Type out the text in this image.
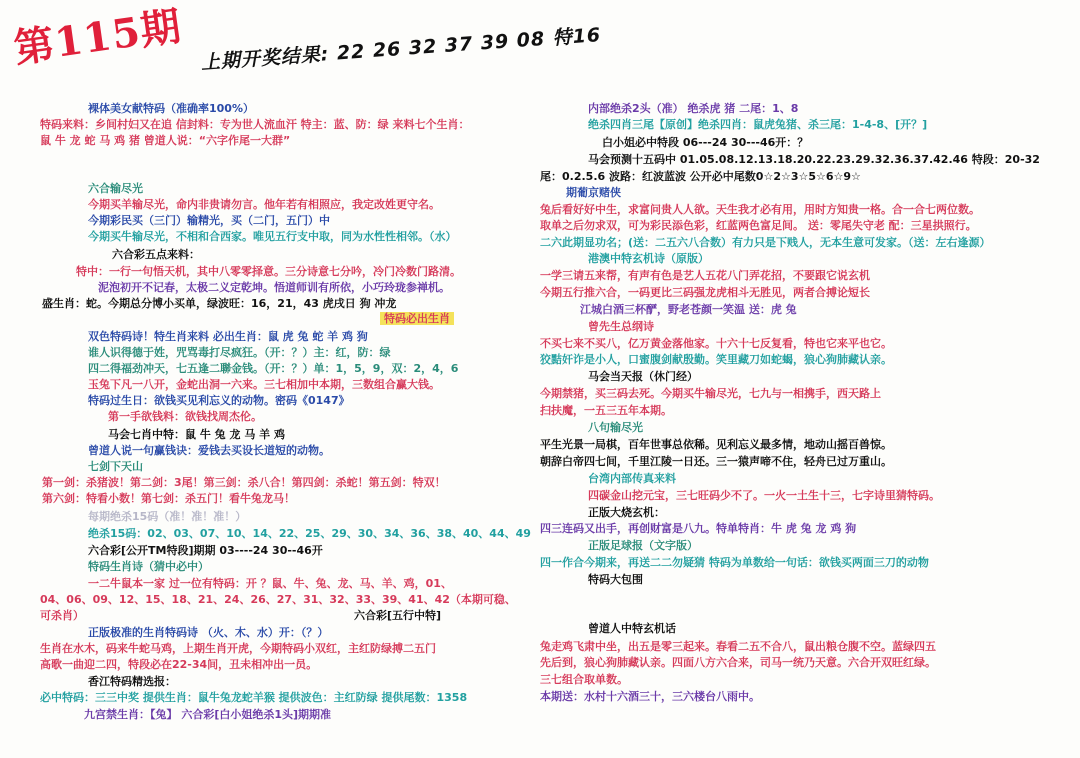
第115期 上期开奖结果: 22 26 32 37 39 08 特16
裸体美女献特码（准确率100%）
特码来料：乡间村妇又在追 信封料：专为世人流血汗 特主：蓝、防：绿 来料七个生肖：
鼠 牛 龙 蛇 马 鸡 猪 曾道人说：“六字作尾一大群”
六合输尽光
今期买羊输尽光，命内非贵请勿言。他年若有相照应，我定改姓更守名。
今期彩民买（三门）输精光，买（二门，五门）中
今期买牛输尽光，不相和合西家。唯见五行支中取，同为水性性相邻。（水）
六合彩五点来料：
特中：一行一句悟天机，其中八零零择意。三分诗意七分吟，冷门冷数门路清。
泥泡初开不记春，太极二义定乾坤。悟道师训有所依，小巧玲珑参禅机。
盛生肖：蛇。今期总分博小买单，绿波旺：16，21，43 虎戌日 狗 冲龙
特码必出生肖
双色特码诗！特生肖来料 必出生肖：鼠 虎 兔 蛇 羊 鸡 狗
谁人识得德于姓，咒骂毒打尽疯狂。（开：？）主：红，防：绿
四二得福劲冲天，七五逢二聯金钱。（开：？）单：1，5，9，双：2，4，6
玉兔下凡一八开，金蛇出洞一六来。三七相加中本期，三数组合赢大钱。
特码过生日：欲钱买见利忘义的动物。密码《0147》
第一手欲钱料：欲钱找周杰伦。
马会七肖中特：鼠 牛 兔 龙 马 羊 鸡
曾道人说一句赢钱诀：爱钱去买设长道短的动物。
七剑下天山
第一剑：杀猪波！第二剑：3尾！第三剑：杀八合！第四剑：杀蛇！第五剑：特双！
第六剑：特看小数！第七剑：杀五门！看牛兔龙马！
每期绝杀15码（准！准！准！）
绝杀15码：02、03、07、10、14、22、25、29、30、34、36、38、40、44、49
六合彩[公开TM特段]期期 03----24 30--46开
特码生肖诗（猜中必中）
一二牛鼠本一家 过一位有特码：开 ？鼠、牛、兔、龙、马、羊、鸡，01、
04、06、09、12、15、18、21、24、26、27、31、32、33、39、41、42（本期可稳、
可杀肖）	六合彩[五行中特]
正版极准的生肖特码诗 （火、木、水）开：（？）
生肖在水木，码来牛蛇马鸡，上期生肖开虎，今期特码小双红，主红防绿搏二五门
高歌一曲迎二四，特段必在22-34间，丑未相冲出一员。
香江特码精选报：
必中特码：三三中奖 提供生肖：鼠牛兔龙蛇羊猴 提供波色：主红防绿 提供尾数：1358
九宫禁生肖：【兔】 六合彩[白小姐绝杀1头]期期准
内部绝杀2头（准） 绝杀虎 猪 二尾：1、8
绝杀四肖三尾【原创】绝杀四肖：鼠虎兔猪、杀三尾：1-4-8、[开？]
白小姐必中特段 06---24 30---46开：？
马会预测十五码中 01.05.08.12.13.18.20.22.23.29.32.36.37.42.46 特段：20-32
尾：0.2.5.6 波路：红波蓝波 公开必中尾数0☆2☆3☆5☆6☆9☆
期葡京赌侠
兔后看好好中生，求富问贵人人欲。天生我才必有用，用时方知贵一格。合一合七两位数。
取单之后勿求双，可为彩民添色彩，红蓝两色富足间。 送：零尾失守老 配：三星拱照行。
二六此期显功名；(送：二五六八合数）有力只是下贱人，无本生意可发家。（送：左右逢源）
港澳中特玄机诗（原版）
一学三请五来帮，有声有色是艺人五花八门弄花招，不要跟它说玄机
今期五行推六合，一码更比三码强龙虎相斗无胜见，两者合搏论短长
江城白酒三杯酽，野老苍颜一笑温 送：虎 兔
曾先生总纲诗
不买七来不买八，亿万黄金落他家。十六十七反复看，特也它来平也它。
狡黠奸诈是小人，口蜜腹剑献殷勤。笑里藏刀如蛇蝎，狼心狗肺藏认亲。
马会当天报（休门经）
今期禁猪，买三码去死。今期买牛输尽光，七九与一相携手，西天路上
扫扶魔，一五三五年本期。
八句输尽光
平生光景一局棋，百年世事总依稀。见利忘义最多情，地动山摇百兽惊。
朝辞白帝四七间，千里江陵一日还。三一猿声啼不住，轻舟已过万重山。
台湾内部传真来料
四碳金山挖元宝，三七旺码少不了。一火一土生十三，七字诗里猜特码。
正版大烧玄机：
四三连码又出手，再创财富是八九。特单特肖：牛 虎 兔 龙 鸡 狗
正版足球报（文字版）
四一作合今期来，再送二二勿疑猜 特码为单数给一句话：欲钱买两面三刀的动物
特码大包围
曾道人中特玄机话
兔走鸡飞肃中坐，出五是零三起来。春看二五不合八，鼠出粮仓腹不空。蓝绿四五
先后到，狼心狗肺藏认亲。四面八方六合来，司马一统乃天意。六合开双旺红绿。
三七组合取单数。
本期送：水村十六酒三十，三六楼台八雨中。
